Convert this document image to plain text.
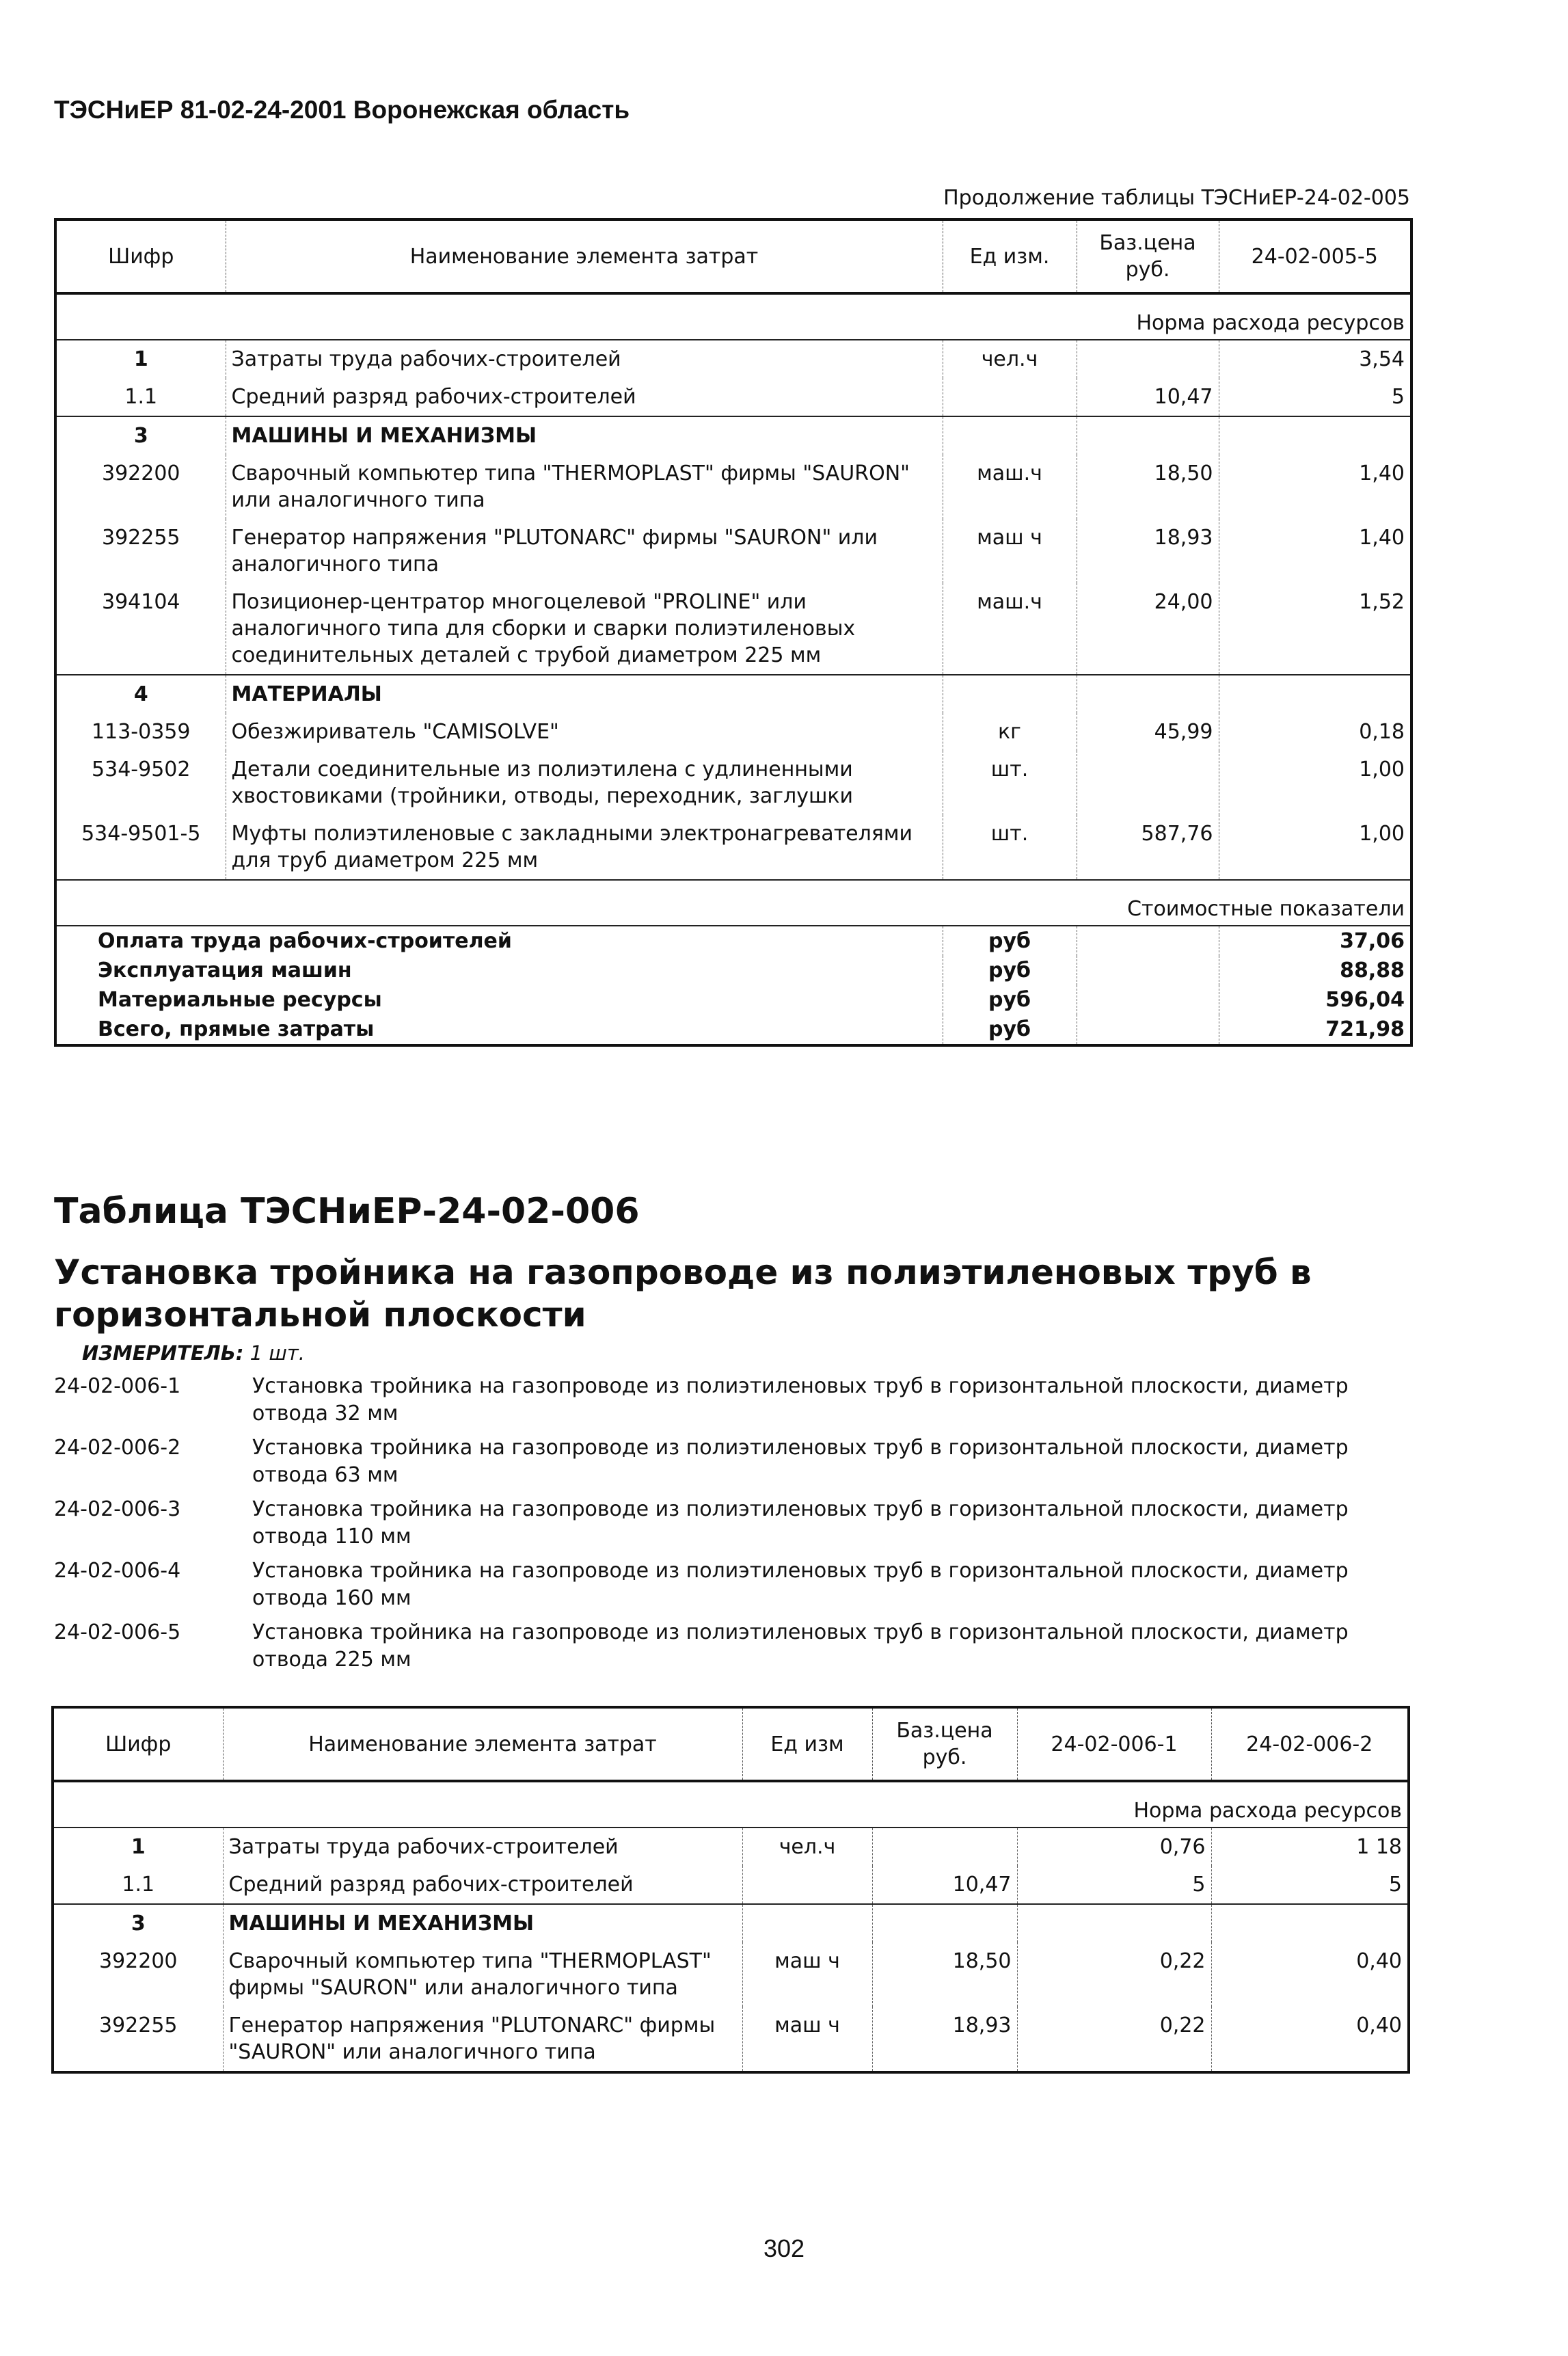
ТЭСНиЕР 81-02-24-2001 Воронежская область
Продолжение таблицы ТЭСНиЕР-24-02-005
Шифр	Наименование элемента затрат	Ед изм.	Баз.цена руб.	24-02-005-5
Норма расхода ресурсов				
1	Затраты труда рабочих-строителей	чел.ч		3,54
1.1	Средний разряд рабочих-строителей		10,47	5
3	МАШИНЫ И МЕХАНИЗМЫ			
392200	Сварочный компьютер типа "THERMOPLAST" фирмы "SAURON" или аналогичного типа	маш.ч	18,50	1,40
392255	Генератор напряжения "PLUTONARC" фирмы "SAURON" или аналогичного типа	маш ч	18,93	1,40
394104	Позиционер-центратор многоцелевой "PROLINE" или аналогичного типа для сборки и сварки полиэтиленовых соединительных деталей с трубой диаметром 225 мм	маш.ч	24,00	1,52
4	МАТЕРИАЛЫ			
113-0359	Обезжириватель "CAMISOLVE"	кг	45,99	0,18
534-9502	Детали соединительные из полиэтилена с удлиненными хвостовиками (тройники, отводы, переходник, заглушки	шт.		1,00
534-9501-5	Муфты полиэтиленовые с закладными электронагревателями для труб диаметром 225 мм	шт.	587,76	1,00
Стоимостные показатели				
Оплата труда рабочих-строителей		руб		37,06
Эксплуатация машин		руб		88,88
Материальные ресурсы		руб		596,04
Всего, прямые затраты		руб		721,98
Таблица ТЭСНиЕР-24-02-006
Установка тройника на газопроводе из полиэтиленовых труб в горизонтальной плоскости
ИЗМЕРИТЕЛЬ: 1 шт.
24-02-006-1	Установка тройника на газопроводе из полиэтиленовых труб в горизонтальной плоскости, диаметр отвода 32 мм
24-02-006-2	Установка тройника на газопроводе из полиэтиленовых труб в горизонтальной плоскости, диаметр отвода 63 мм
24-02-006-3	Установка тройника на газопроводе из полиэтиленовых труб в горизонтальной плоскости, диаметр отвода 110 мм
24-02-006-4	Установка тройника на газопроводе из полиэтиленовых труб в горизонтальной плоскости, диаметр отвода 160 мм
24-02-006-5	Установка тройника на газопроводе из полиэтиленовых труб в горизонтальной плоскости, диаметр отвода 225 мм
Шифр	Наименование элемента затрат	Ед изм	Баз.цена руб.	24-02-006-1	24-02-006-2
Норма расхода ресурсов					
1	Затраты труда рабочих-строителей	чел.ч		0,76	1 18
1.1	Средний разряд рабочих-строителей		10,47	5	5
3	МАШИНЫ И МЕХАНИЗМЫ				
392200	Сварочный компьютер типа "THERMOPLAST" фирмы "SAURON" или аналогичного типа	маш ч	18,50	0,22	0,40
392255	Генератор напряжения "PLUTONARC" фирмы "SAURON" или аналогичного типа	маш ч	18,93	0,22	0,40
302
